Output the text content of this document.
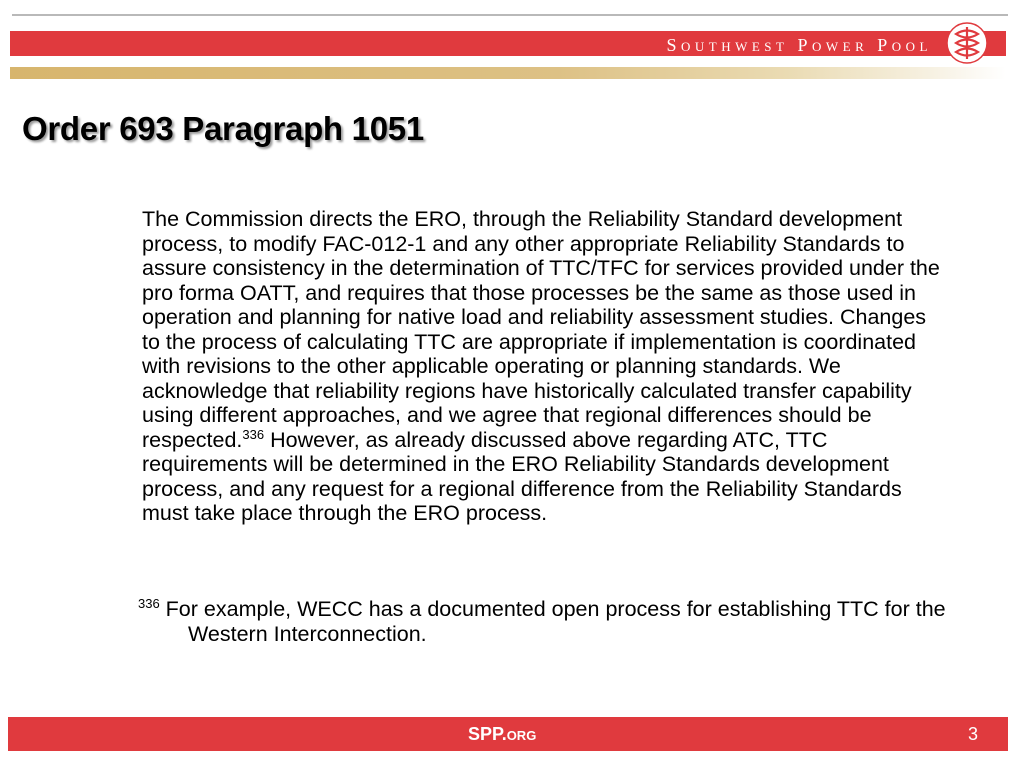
Southwest Power Pool
Order 693 Paragraph 1051

The Commission directs the ERO, through the Reliability Standard development process, to modify FAC-012-1 and any other appropriate Reliability Standards to assure consistency in the determination of TTC/TFC for services provided under the pro forma OATT, and requires that those processes be the same as those used in operation and planning for native load and reliability assessment studies. Changes to the process of calculating TTC are appropriate if implementation is coordinated with revisions to the other applicable operating or planning standards. We acknowledge that reliability regions have historically calculated transfer capability using different approaches, and we agree that regional differences should be respected.$^{336}$ However, as already discussed above regarding ATC, TTC requirements will be determined in the ERO Reliability Standards development process, and any request for a regional difference from the Reliability Standards must take place through the ERO process.

$^{336}$ For example, WECC has a documented open process for establishing TTC for the Western Interconnection.

SPP.org	3
